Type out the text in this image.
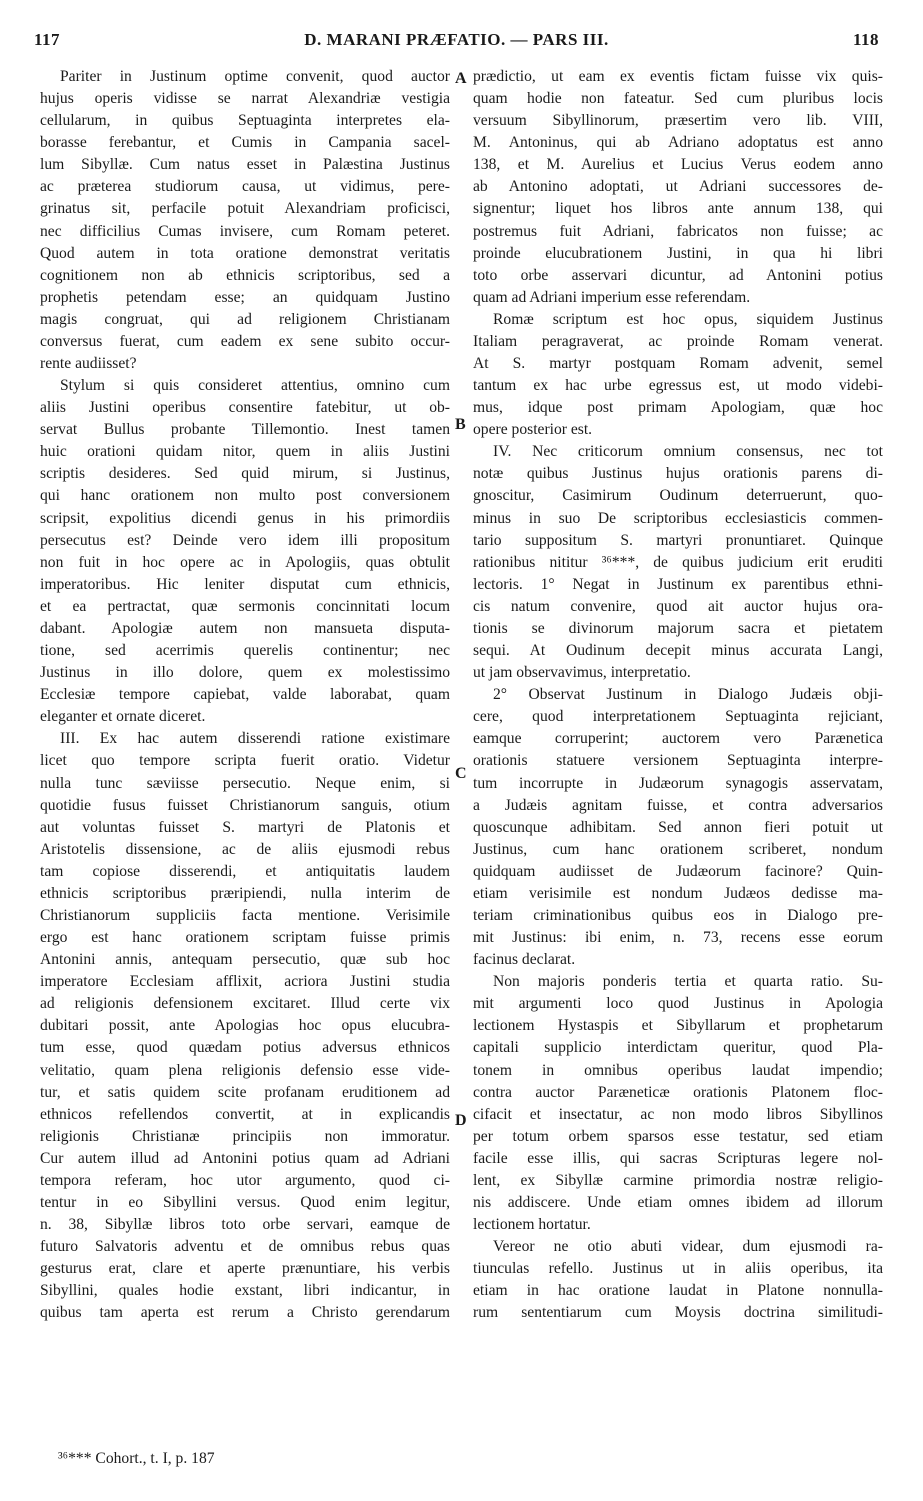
117	D. MARANI PRÆFATIO. — PARS III.	118
Pariter in Justinum optime convenit, quod auctor
hujus operis vidisse se narrat Alexandriæ vestigia
cellularum, in quibus Septuaginta interpretes ela-
borasse ferebantur, et Cumis in Campania sacel-
lum Sibyllæ. Cum natus esset in Palæstina Justinus
ac præterea studiorum causa, ut vidimus, pere-
grinatus sit, perfacile potuit Alexandriam proficisci,
nec difficilius Cumas invisere, cum Romam peteret.
Quod autem in tota oratione demonstrat veritatis
cognitionem non ab ethnicis scriptoribus, sed a
prophetis petendam esse; an quidquam Justino
magis congruat, qui ad religionem Christianam
conversus fuerat, cum eadem ex sene subito occur-
rente audiisset?
Stylum si quis consideret attentius, omnino cum
aliis Justini operibus consentire fatebitur, ut ob-
servat Bullus probante Tillemontio. Inest tamen
huic orationi quidam nitor, quem in aliis Justini
scriptis desideres. Sed quid mirum, si Justinus,
qui hanc orationem non multo post conversionem
scripsit, expolitius dicendi genus in his primordiis
persecutus est? Deinde vero idem illi propositum
non fuit in hoc opere ac in Apologiis, quas obtulit
imperatoribus. Hic leniter disputat cum ethnicis,
et ea pertractat, quæ sermonis concinnitati locum
dabant. Apologiæ autem non mansueta disputa-
tione, sed acerrimis querelis continentur; nec
Justinus in illo dolore, quem ex molestissimo
Ecclesiæ tempore capiebat, valde laborabat, quam
eleganter et ornate diceret.
III. Ex hac autem disserendi ratione existimare
licet quo tempore scripta fuerit oratio. Videtur
nulla tunc sæviisse persecutio. Neque enim, si
quotidie fusus fuisset Christianorum sanguis, otium
aut voluntas fuisset S. martyri de Platonis et
Aristotelis dissensione, ac de aliis ejusmodi rebus
tam copiose disserendi, et antiquitatis laudem
ethnicis scriptoribus præripiendi, nulla interim de
Christianorum suppliciis facta mentione. Verisimile
ergo est hanc orationem scriptam fuisse primis
Antonini annis, antequam persecutio, quæ sub hoc
imperatore Ecclesiam afflixit, acriora Justini studia
ad religionis defensionem excitaret. Illud certe vix
dubitari possit, ante Apologias hoc opus elucubra-
tum esse, quod quædam potius adversus ethnicos
velitatio, quam plena religionis defensio esse vide-
tur, et satis quidem scite profanam eruditionem ad
ethnicos refellendos convertit, at in explicandis
religionis Christianæ principiis non immoratur.
Cur autem illud ad Antonini potius quam ad Adriani
tempora referam, hoc utor argumento, quod ci-
tentur in eo Sibyllini versus. Quod enim legitur,
n. 38, Sibyllæ libros toto orbe servari, eamque de
futuro Salvatoris adventu et de omnibus rebus quas
gesturus erat, clare et aperte prænuntiare, his verbis
Sibyllini, quales hodie exstant, libri indicantur, in
quibus tam aperta est rerum a Christo gerendarum
prædictio, ut eam ex eventis fictam fuisse vix quis-
quam hodie non fateatur. Sed cum pluribus locis
versuum Sibyllinorum, præsertim vero lib. VIII,
M. Antoninus, qui ab Adriano adoptatus est anno
138, et M. Aurelius et Lucius Verus eodem anno
ab Antonino adoptati, ut Adriani successores de-
signentur; liquet hos libros ante annum 138, qui
postremus fuit Adriani, fabricatos non fuisse; ac
proinde elucubrationem Justini, in qua hi libri
toto orbe asservari dicuntur, ad Antonini potius
quam ad Adriani imperium esse referendam.
Romæ scriptum est hoc opus, siquidem Justinus
Italiam peragraverat, ac proinde Romam venerat.
At S. martyr postquam Romam advenit, semel
tantum ex hac urbe egressus est, ut modo videbi-
mus, idque post primam Apologiam, quæ hoc
opere posterior est.
IV. Nec criticorum omnium consensus, nec tot
notæ quibus Justinus hujus orationis parens di-
gnoscitur, Casimirum Oudinum deterruerunt, quo-
minus in suo De scriptoribus ecclesiasticis commen-
tario suppositum S. martyri pronuntiaret. Quinque
rationibus nititur ³⁶***, de quibus judicium erit eruditi
lectoris. 1° Negat in Justinum ex parentibus ethni-
cis natum convenire, quod ait auctor hujus ora-
tionis se divinorum majorum sacra et pietatem
sequi. At Oudinum decepit minus accurata Langi,
ut jam observavimus, interpretatio.
2° Observat Justinum in Dialogo Judæis obji-
cere, quod interpretationem Septuaginta rejiciant,
eamque corruperint; auctorem vero Parænetica
orationis statuere versionem Septuaginta interpre-
tum incorrupte in Judæorum synagogis asservatam,
a Judæis agnitam fuisse, et contra adversarios
quoscunque adhibitam. Sed annon fieri potuit ut
Justinus, cum hanc orationem scriberet, nondum
quidquam audiisset de Judæorum facinore? Quin-
etiam verisimile est nondum Judæos dedisse ma-
teriam criminationibus quibus eos in Dialogo pre-
mit Justinus: ibi enim, n. 73, recens esse eorum
facinus declarat.
Non majoris ponderis tertia et quarta ratio. Su-
mit argumenti loco quod Justinus in Apologia
lectionem Hystaspis et Sibyllarum et prophetarum
capitali supplicio interdictam queritur, quod Pla-
tonem in omnibus operibus laudat impendio;
contra auctor Paræneticæ orationis Platonem floc-
cifacit et insectatur, ac non modo libros Sibyllinos
per totum orbem sparsos esse testatur, sed etiam
facile esse illis, qui sacras Scripturas legere nol-
lent, ex Sibyllæ carmine primordia nostræ religio-
nis addiscere. Unde etiam omnes ibidem ad illorum
lectionem hortatur.
Vereor ne otio abuti videar, dum ejusmodi ra-
tiunculas refello. Justinus ut in aliis operibus, ita
etiam in hac oratione laudat in Platone nonnulla-
rum sententiarum cum Moysis doctrina similitudi-
A
B
C
D
³⁶*** Cohort., t. I, p. 187
